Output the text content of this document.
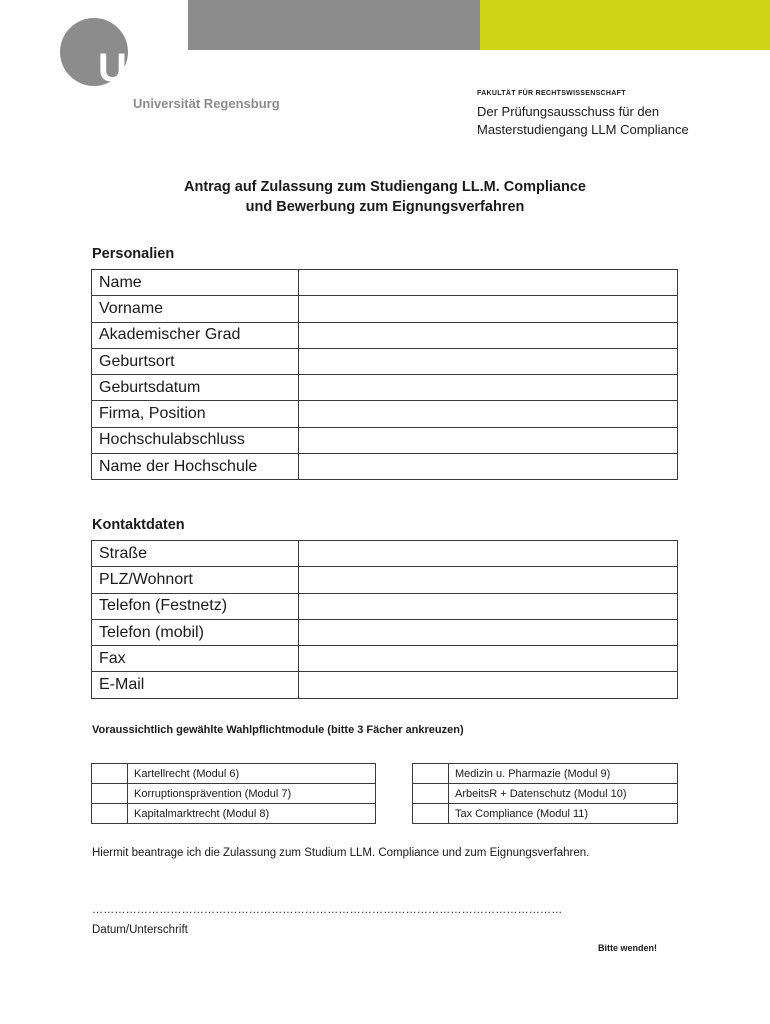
UR
Universität Regensburg
FAKULTÄT FÜR RECHTSWISSENSCHAFT
Der Prüfungsausschuss für den
Masterstudiengang LLM Compliance
Antrag auf Zulassung zum Studiengang LL.M. Compliance
und Bewerbung zum Eignungsverfahren
Personalien
Name	
Vorname	
Akademischer Grad	
Geburtsort	
Geburtsdatum	
Firma, Position	
Hochschulabschluss	
Name der Hochschule	
Kontaktdaten
Straße	
PLZ/Wohnort	
Telefon (Festnetz)	
Telefon (mobil)	
Fax	
E-Mail	
Voraussichtlich gewählte Wahlpflichtmodule (bitte 3 Fächer ankreuzen)
	Kartellrecht (Modul 6)
	Korruptionsprävention (Modul 7)
	Kapitalmarktrecht (Modul 8)
	Medizin u. Pharmazie (Modul 9)
	ArbeitsR + Datenschutz (Modul 10)
	Tax Compliance (Modul 11)
Hiermit beantrage ich die Zulassung zum Studium LLM. Compliance und zum Eignungsverfahren.
………………………………………………………………………………………………………………
Datum/Unterschrift
Bitte wenden!
